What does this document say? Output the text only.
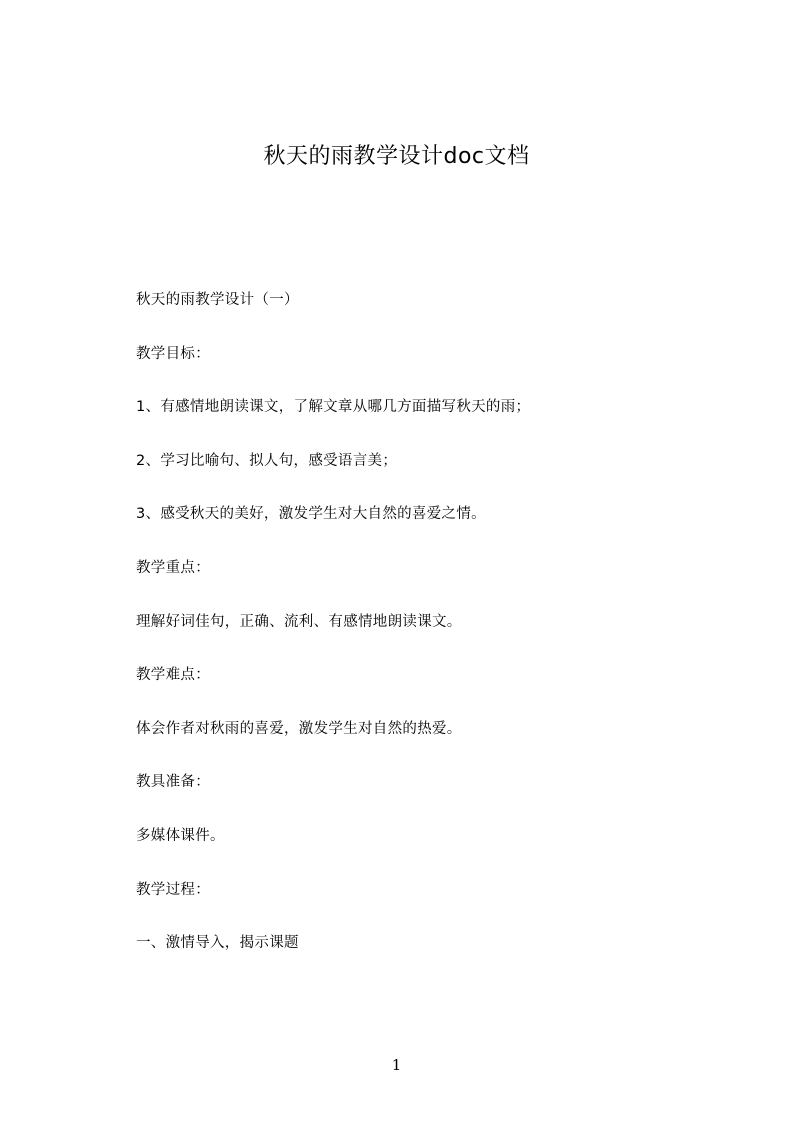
秋天的雨教学设计doc文档
秋天的雨教学设计（一）
教学目标：
1、有感情地朗读课文，了解文章从哪几方面描写秋天的雨；
2、学习比喻句、拟人句，感受语言美；
3、感受秋天的美好，激发学生对大自然的喜爱之情。
教学重点：
理解好词佳句，正确、流利、有感情地朗读课文。
教学难点：
体会作者对秋雨的喜爱，激发学生对自然的热爱。
教具准备：
多媒体课件。
教学过程：
一、激情导入，揭示课题
1
